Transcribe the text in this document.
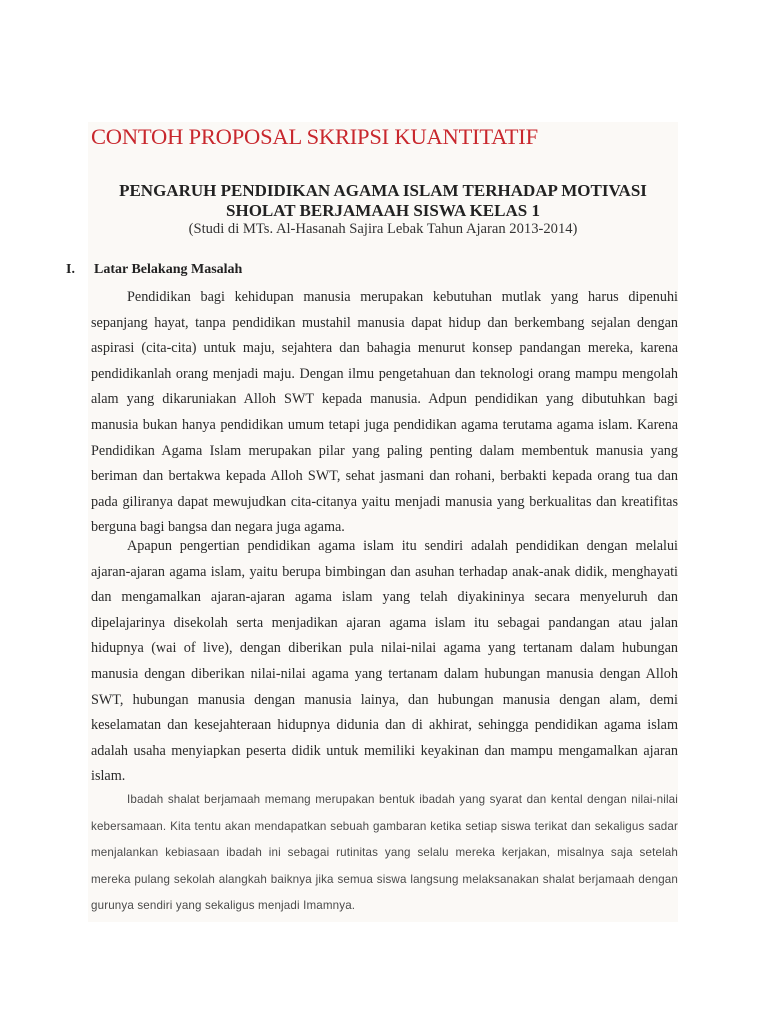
CONTOH PROPOSAL SKRIPSI KUANTITATIF
PENGARUH PENDIDIKAN AGAMA ISLAM TERHADAP MOTIVASI
SHOLAT BERJAMAAH SISWA KELAS 1

(Studi di MTs. Al-Hasanah Sajira Lebak Tahun Ajaran 2013-2014)

I. Latar Belakang Masalah

Pendidikan bagi kehidupan manusia merupakan kebutuhan mutlak yang harus dipenuhi sepanjang hayat, tanpa pendidikan mustahil manusia dapat hidup dan berkembang sejalan dengan aspirasi (cita-cita) untuk maju, sejahtera dan bahagia menurut konsep pandangan mereka, karena pendidikanlah orang menjadi maju. Dengan ilmu pengetahuan dan teknologi orang mampu mengolah alam yang dikaruniakan Alloh SWT kepada manusia. Adpun pendidikan yang dibutuhkan bagi manusia bukan hanya pendidikan umum tetapi juga pendidikan agama terutama agama islam. Karena Pendidikan Agama Islam merupakan pilar yang paling penting dalam membentuk manusia yang beriman dan bertakwa kepada Alloh SWT, sehat jasmani dan rohani, berbakti kepada orang tua dan pada giliranya dapat mewujudkan cita-citanya yaitu menjadi manusia yang berkualitas dan kreatifitas berguna bagi bangsa dan negara juga agama.

Apapun pengertian pendidikan agama islam itu sendiri adalah pendidikan dengan melalui ajaran-ajaran agama islam, yaitu berupa bimbingan dan asuhan terhadap anak-anak didik, menghayati dan mengamalkan ajaran-ajaran agama islam yang telah diyakininya secara menyeluruh dan dipelajarinya disekolah serta menjadikan ajaran agama islam itu sebagai pandangan atau jalan hidupnya (wai of live), dengan diberikan pula nilai-nilai agama yang tertanam dalam hubungan manusia dengan diberikan nilai-nilai agama yang tertanam dalam hubungan manusia dengan Alloh SWT, hubungan manusia dengan manusia lainya, dan hubungan manusia dengan alam, demi keselamatan dan kesejahteraan hidupnya didunia dan di akhirat, sehingga pendidikan agama islam adalah usaha menyiapkan peserta didik untuk memiliki keyakinan dan mampu mengamalkan ajaran islam.

Ibadah shalat berjamaah memang merupakan bentuk ibadah yang syarat dan kental dengan nilai-nilai kebersamaan. Kita tentu akan mendapatkan sebuah gambaran ketika setiap siswa terikat dan sekaligus sadar menjalankan kebiasaan ibadah ini sebagai rutinitas yang selalu mereka kerjakan, misalnya saja setelah mereka pulang sekolah alangkah baiknya jika semua siswa langsung melaksanakan shalat berjamaah dengan gurunya sendiri yang sekaligus menjadi Imamnya.
